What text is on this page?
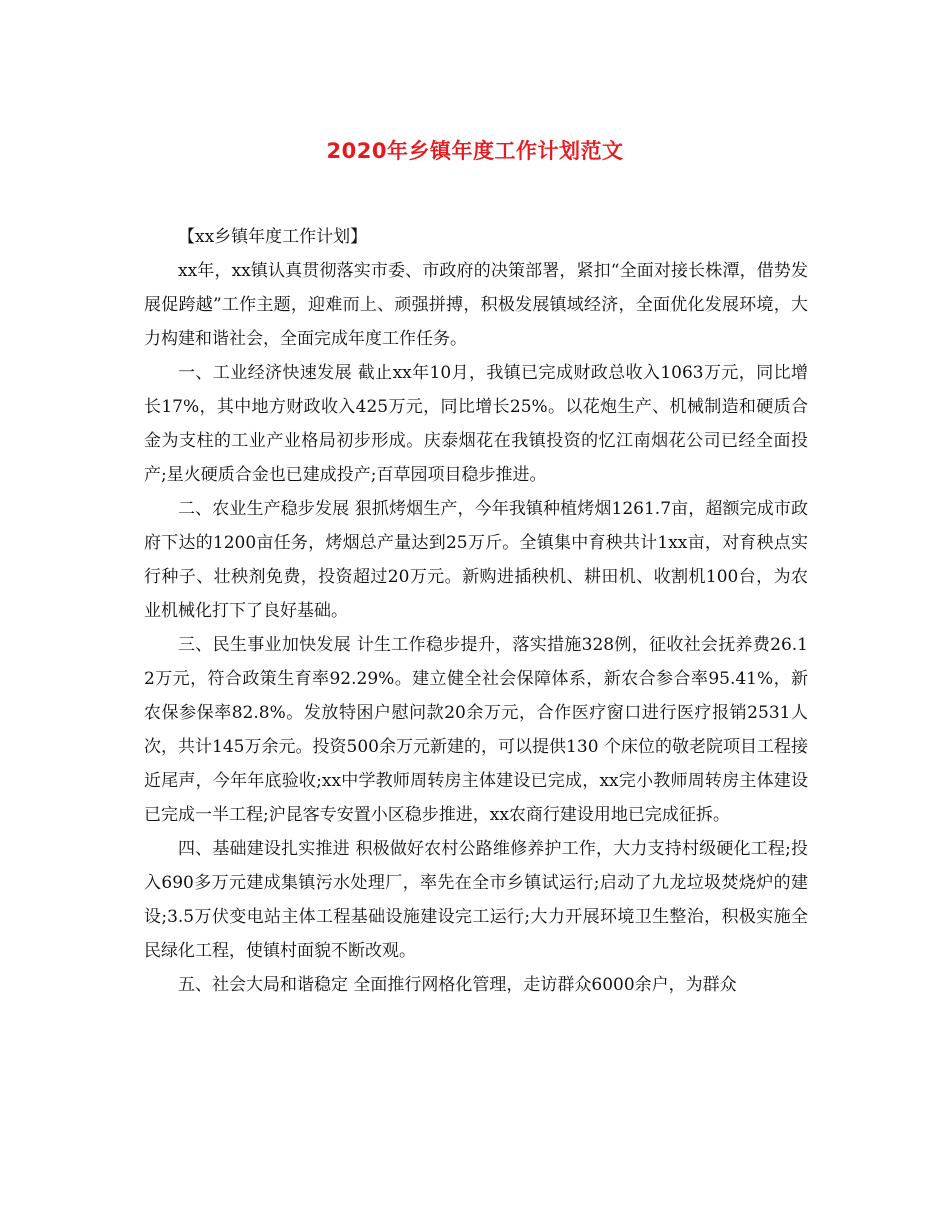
2020年乡镇年度工作计划范文

【xx乡镇年度工作计划】

xx年，xx镇认真贯彻落实市委、市政府的决策部署，紧扣“全面对接长株潭，借势发展促跨越”工作主题，迎难而上、顽强拼搏，积极发展镇域经济，全面优化发展环境，大力构建和谐社会，全面完成年度工作任务。

一、工业经济快速发展 截止xx年10月，我镇已完成财政总收入1063万元，同比增长17%，其中地方财政收入425万元，同比增长25%。以花炮生产、机械制造和硬质合金为支柱的工业产业格局初步形成。庆泰烟花在我镇投资的忆江南烟花公司已经全面投产;星火硬质合金也已建成投产;百草园项目稳步推进。

二、农业生产稳步发展 狠抓烤烟生产，今年我镇种植烤烟1261.7亩，超额完成市政府下达的1200亩任务，烤烟总产量达到25万斤。全镇集中育秧共计1xx亩，对育秧点实行种子、壮秧剂免费，投资超过20万元。新购进插秧机、耕田机、收割机100台，为农业机械化打下了良好基础。

三、民生事业加快发展 计生工作稳步提升，落实措施328例，征收社会抚养费26.12万元，符合政策生育率92.29%。建立健全社会保障体系，新农合参合率95.41%，新农保参保率82.8%。发放特困户慰问款20余万元，合作医疗窗口进行医疗报销2531人次，共计145万余元。投资500余万元新建的，可以提供130 个床位的敬老院项目工程接近尾声，今年年底验收;xx中学教师周转房主体建设已完成，xx完小教师周转房主体建设已完成一半工程;沪昆客专安置小区稳步推进，xx农商行建设用地已完成征拆。

四、基础建设扎实推进 积极做好农村公路维修养护工作，大力支持村级硬化工程;投入690多万元建成集镇污水处理厂，率先在全市乡镇试运行;启动了九龙垃圾焚烧炉的建设;3.5万伏变电站主体工程基础设施建设完工运行;大力开展环境卫生整治，积极实施全民绿化工程，使镇村面貌不断改观。

五、社会大局和谐稳定 全面推行网格化管理，走访群众6000余户，为群众
